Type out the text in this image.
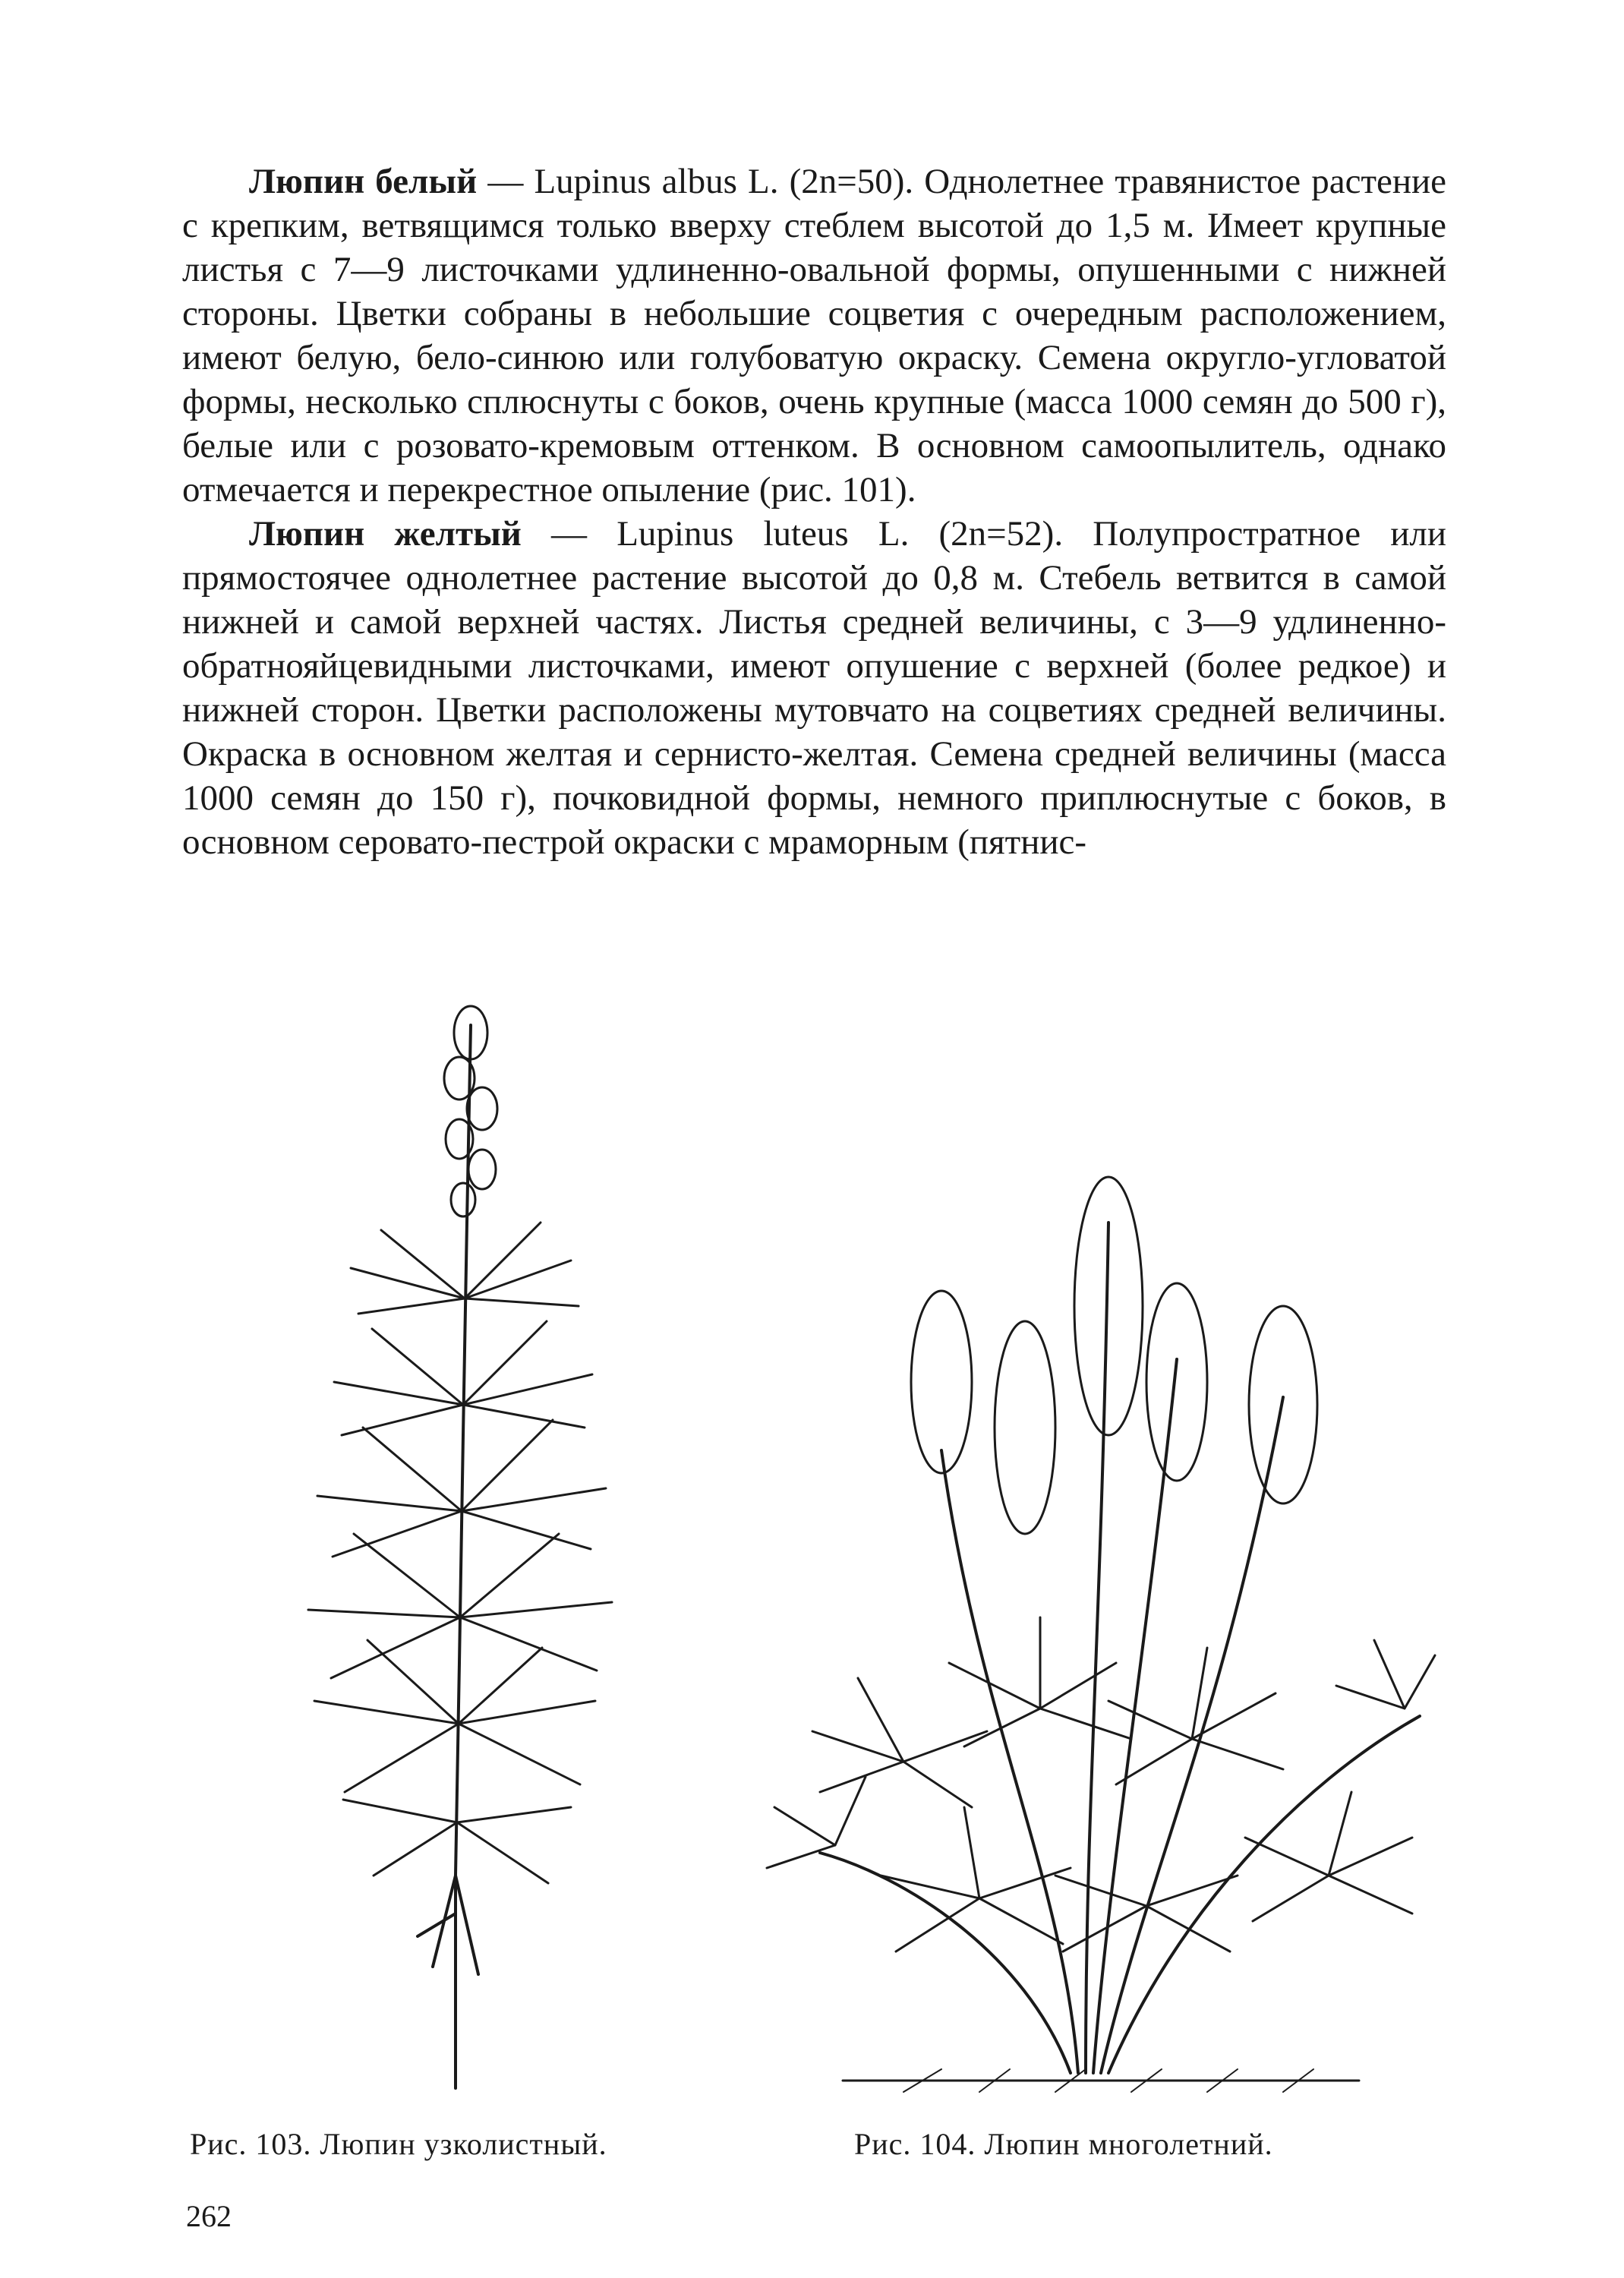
Люпин белый — Lupinus albus L. (2n=50). Однолетнее травянистое растение с крепким, ветвящимся только вверху стеблем высотой до 1,5 м. Имеет крупные листья с 7—9 листочками удлиненно-овальной формы, опушенными с нижней стороны. Цветки собраны в небольшие соцветия с очередным расположением, имеют белую, бело-синюю или голубоватую окраску. Семена округло-угловатой формы, несколько сплюснуты с боков, очень крупные (масса 1000 семян до 500 г), белые или с розовато-кремовым оттенком. В основном самоопылитель, однако отмечается и перекрестное опыление (рис. 101).

Люпин желтый — Lupinus luteus L. (2n=52). Полупростратное или прямостоячее однолетнее растение высотой до 0,8 м. Стебель ветвится в самой нижней и самой верхней частях. Листья средней величины, с 3—9 удлиненно-обратнояйцевидными листочками, имеют опушение с верхней (более редкое) и нижней сторон. Цветки расположены мутовчато на соцветиях средней величины. Окраска в основном желтая и сернисто-желтая. Семена средней величины (масса 1000 семян до 150 г), почковидной формы, немного приплюснутые с боков, в основном серовато-пестрой окраски с мраморным (пятнис-

Рис. 103. Люпин узколистный.	Рис. 104. Люпин многолетний.
262
